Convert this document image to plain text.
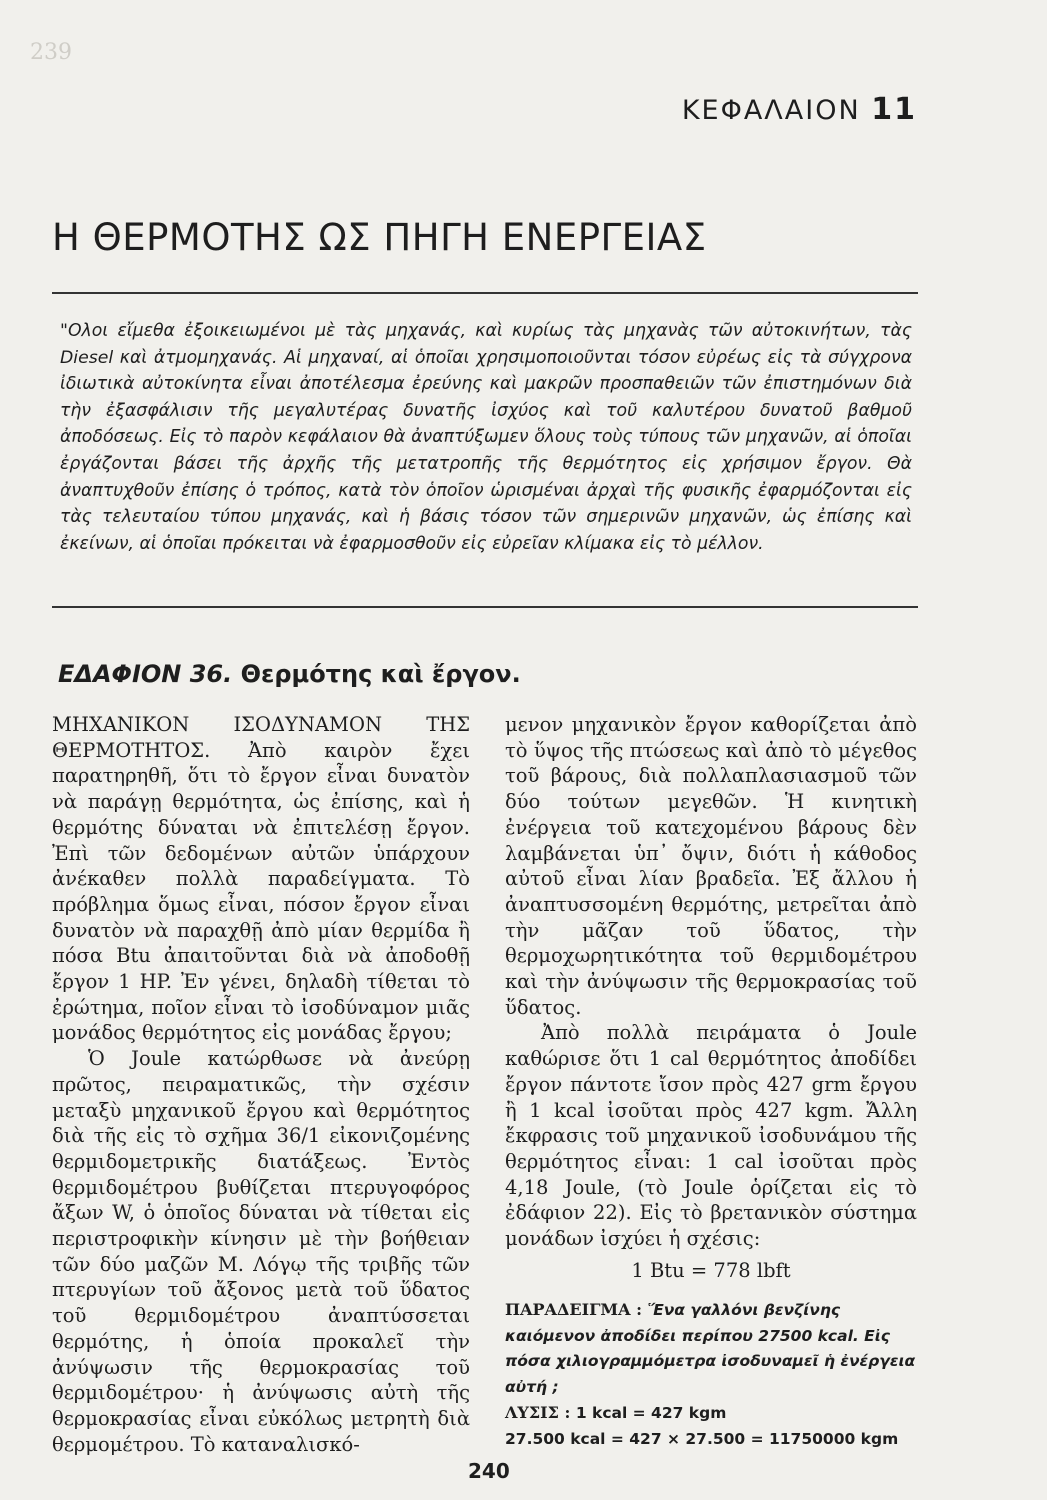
239
ΚΕΦΑΛΑΙΟΝ 11
Η ΘΕΡΜΟΤΗΣ ΩΣ ΠΗΓΗ ΕΝΕΡΓΕΙΑΣ

"Ολοι εἴμεθα ἐξοικειωμένοι μὲ τὰς μηχανάς, καὶ κυρίως τὰς μηχανὰς τῶν αὐτοκινήτων, τὰς Diesel καὶ ἀτμομηχανάς. Αἱ μηχαναί, αἱ ὁποῖαι χρησιμοποιοῦνται τόσον εὐρέως εἰς τὰ σύγχρονα ἰδιωτικὰ αὐτοκίνητα εἶναι ἀποτέλεσμα ἐρεύνης καὶ μακρῶν προσπαθειῶν τῶν ἐπιστημόνων διὰ τὴν ἐξασφάλισιν τῆς μεγαλυτέρας δυνατῆς ἰσχύος καὶ τοῦ καλυτέρου δυνατοῦ βαθμοῦ ἀποδόσεως. Εἰς τὸ παρὸν κεφάλαιον θὰ ἀναπτύξωμεν ὅλους τοὺς τύπους τῶν μηχανῶν, αἱ ὁποῖαι ἐργάζονται βάσει τῆς ἀρχῆς τῆς μετατροπῆς τῆς θερμότητος εἰς χρήσιμον ἔργον. Θὰ ἀναπτυχθοῦν ἐπίσης ὁ τρόπος, κατὰ τὸν ὁποῖον ὡρισμέναι ἀρχαὶ τῆς φυσικῆς ἐφαρμόζονται εἰς τὰς τελευταίου τύπου μηχανάς, καὶ ἡ βάσις τόσον τῶν σημερινῶν μηχανῶν, ὡς ἐπίσης καὶ ἐκείνων, αἱ ὁποῖαι πρόκειται νὰ ἐφαρμοσθοῦν εἰς εὐρεῖαν κλίμακα εἰς τὸ μέλλον.

ΕΔΑΦΙΟΝ 36. Θερμότης καὶ ἔργον.

ΜΗΧΑΝΙΚΟΝ ΙΣΟΔΥΝΑΜΟΝ ΤΗΣ ΘΕΡΜΟΤΗΤΟΣ. Ἀπὸ καιρὸν ἔχει παρατηρηθῆ, ὅτι τὸ ἔργον εἶναι δυνατὸν νὰ παράγῃ θερμότητα, ὡς ἐπίσης, καὶ ἡ θερμότης δύναται νὰ ἐπιτελέσῃ ἔργον. Ἐπὶ τῶν δεδομένων αὐτῶν ὑπάρχουν ἀνέκαθεν πολλὰ παραδείγματα. Τὸ πρόβλημα ὅμως εἶναι, πόσον ἔργον εἶναι δυνατὸν νὰ παραχθῇ ἀπὸ μίαν θερμίδα ἢ πόσα Btu ἀπαιτοῦνται διὰ νὰ ἀποδοθῇ ἔργον 1 HP. Ἐν γένει, δηλαδὴ τίθεται τὸ ἐρώτημα, ποῖον εἶναι τὸ ἰσοδύναμον μιᾶς μονάδος θερμότητος εἰς μονάδας ἔργου;

Ὁ Joule κατώρθωσε νὰ ἀνεύρῃ πρῶτος, πειραματικῶς, τὴν σχέσιν μεταξὺ μηχανικοῦ ἔργου καὶ θερμότητος διὰ τῆς εἰς τὸ σχῆμα 36/1 εἰκονιζομένης θερμιδομετρικῆς διατάξεως. Ἐντὸς θερμιδομέτρου βυθίζεται πτερυγοφόρος ἄξων W, ὁ ὁποῖος δύναται νὰ τίθεται εἰς περιστροφικὴν κίνησιν μὲ τὴν βοήθειαν τῶν δύο μαζῶν Μ. Λόγῳ τῆς τριβῆς τῶν πτερυγίων τοῦ ἄξονος μετὰ τοῦ ὕδατος τοῦ θερμιδομέτρου ἀναπτύσσεται θερμότης, ἡ ὁποία προκαλεῖ τὴν ἀνύψωσιν τῆς θερμοκρασίας τοῦ θερμιδομέτρου· ἡ ἀνύψωσις αὐτὴ τῆς θερμοκρασίας εἶναι εὐκόλως μετρητὴ διὰ θερμομέτρου. Τὸ καταναλισκό-

μενον μηχανικὸν ἔργον καθορίζεται ἀπὸ τὸ ὕψος τῆς πτώσεως καὶ ἀπὸ τὸ μέγεθος τοῦ βάρους, διὰ πολλαπλασιασμοῦ τῶν δύο τούτων μεγεθῶν. Ἡ κινητικὴ ἐνέργεια τοῦ κατεχομένου βάρους δὲν λαμβάνεται ὑπ᾿ ὄψιν, διότι ἡ κάθοδος αὐτοῦ εἶναι λίαν βραδεῖα. Ἐξ ἄλλου ἡ ἀναπτυσσομένη θερμότης, μετρεῖται ἀπὸ τὴν μᾶζαν τοῦ ὕδατος, τὴν θερμοχωρητικότητα τοῦ θερμιδομέτρου καὶ τὴν ἀνύψωσιν τῆς θερμοκρασίας τοῦ ὕδατος.

Ἀπὸ πολλὰ πειράματα ὁ Joule καθώρισε ὅτι 1 cal θερμότητος ἀποδίδει ἔργον πάντοτε ἴσον πρὸς 427 grm ἔργου ἢ 1 kcal ἰσοῦται πρὸς 427 kgm. Ἄλλη ἔκφρασις τοῦ μηχανικοῦ ἰσοδυνάμου τῆς θερμότητος εἶναι: 1 cal ἰσοῦται πρὸς 4,18 Joule, (τὸ Joule ὁρίζεται εἰς τὸ ἐδάφιον 22). Εἰς τὸ βρετανικὸν σύστημα μονάδων ἰσχύει ἡ σχέσις:

1 Btu = 778 lbft

ΠΑΡΑΔΕΙΓΜΑ : Ἕνα γαλλόνι βενζίνης καιόμενον ἀποδίδει περίπου 27500 kcal. Εἰς πόσα χιλιογραμμόμετρα ἰσοδυναμεῖ ἡ ἐνέργεια αὐτή ;
ΛΥΣΙΣ : 1 kcal = 427 kgm
27.500 kcal = 427 × 27.500 = 11750000 kgm
240
